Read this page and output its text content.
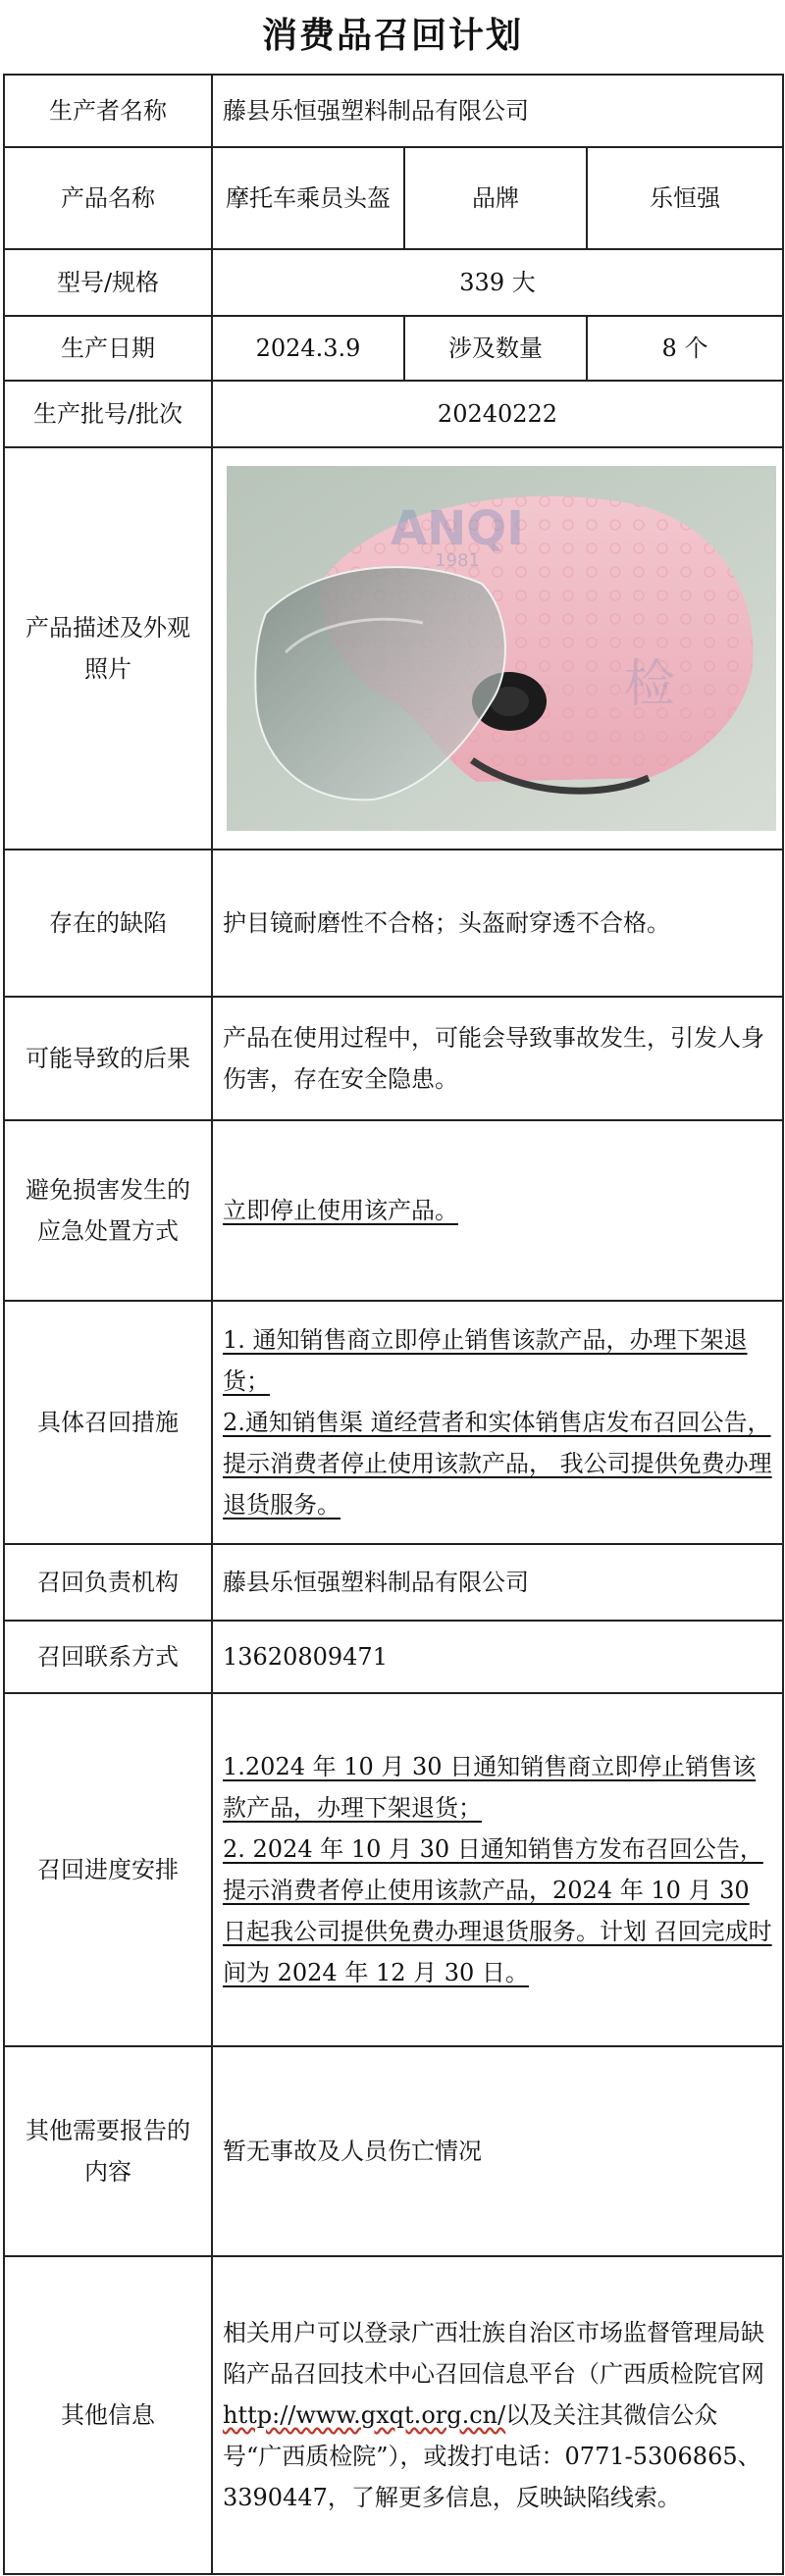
消费品召回计划
生产者名称	藤县乐恒强塑料制品有限公司		
产品名称	摩托车乘员头盔	品牌	乐恒强
型号/规格	339 大		
生产日期	2024.3.9	涉及数量	8 个
生产批号/批次	20240222		
产品描述及外观照片	ANQI
1981
检		

存在的缺陷	护目镜耐磨性不合格；头盔耐穿透不合格。		
可能导致的后果	产品在使用过程中，可能会导致事故发生，引发人身伤害，存在安全隐患。		
避免损害发生的应急处置方式	立即停止使用该产品。		
具体召回措施	1. 通知销售商立即停止销售该款产品，办理下架退货；
2.通知销售渠 道经营者和实体销售店发布召回公告，提示消费者停止使用该款产品， 我公司提供免费办理退货服务。		

召回负责机构	藤县乐恒强塑料制品有限公司		
召回联系方式	13620809471		
召回进度安排	1.2024 年 10 月 30 日通知销售商立即停止销售该款产品，办理下架退货；
2. 2024 年 10 月 30 日通知销售方发布召回公告，提示消费者停止使用该款产品，2024 年 10 月 30 日起我公司提供免费办理退货服务。计划 召回完成时间为 2024 年 12 月 30 日。		

其他需要报告的内容	暂无事故及人员伤亡情况		
其他信息	相关用户可以登录广西壮族自治区市场监督管理局缺陷产品召回技术中心召回信息平台（广西质检院官网 http://www.gxqt.org.cn/以及关注其微信公众号“广西质检院”），或拨打电话：0771-5306865、3390447，了解更多信息，反映缺陷线索。		
